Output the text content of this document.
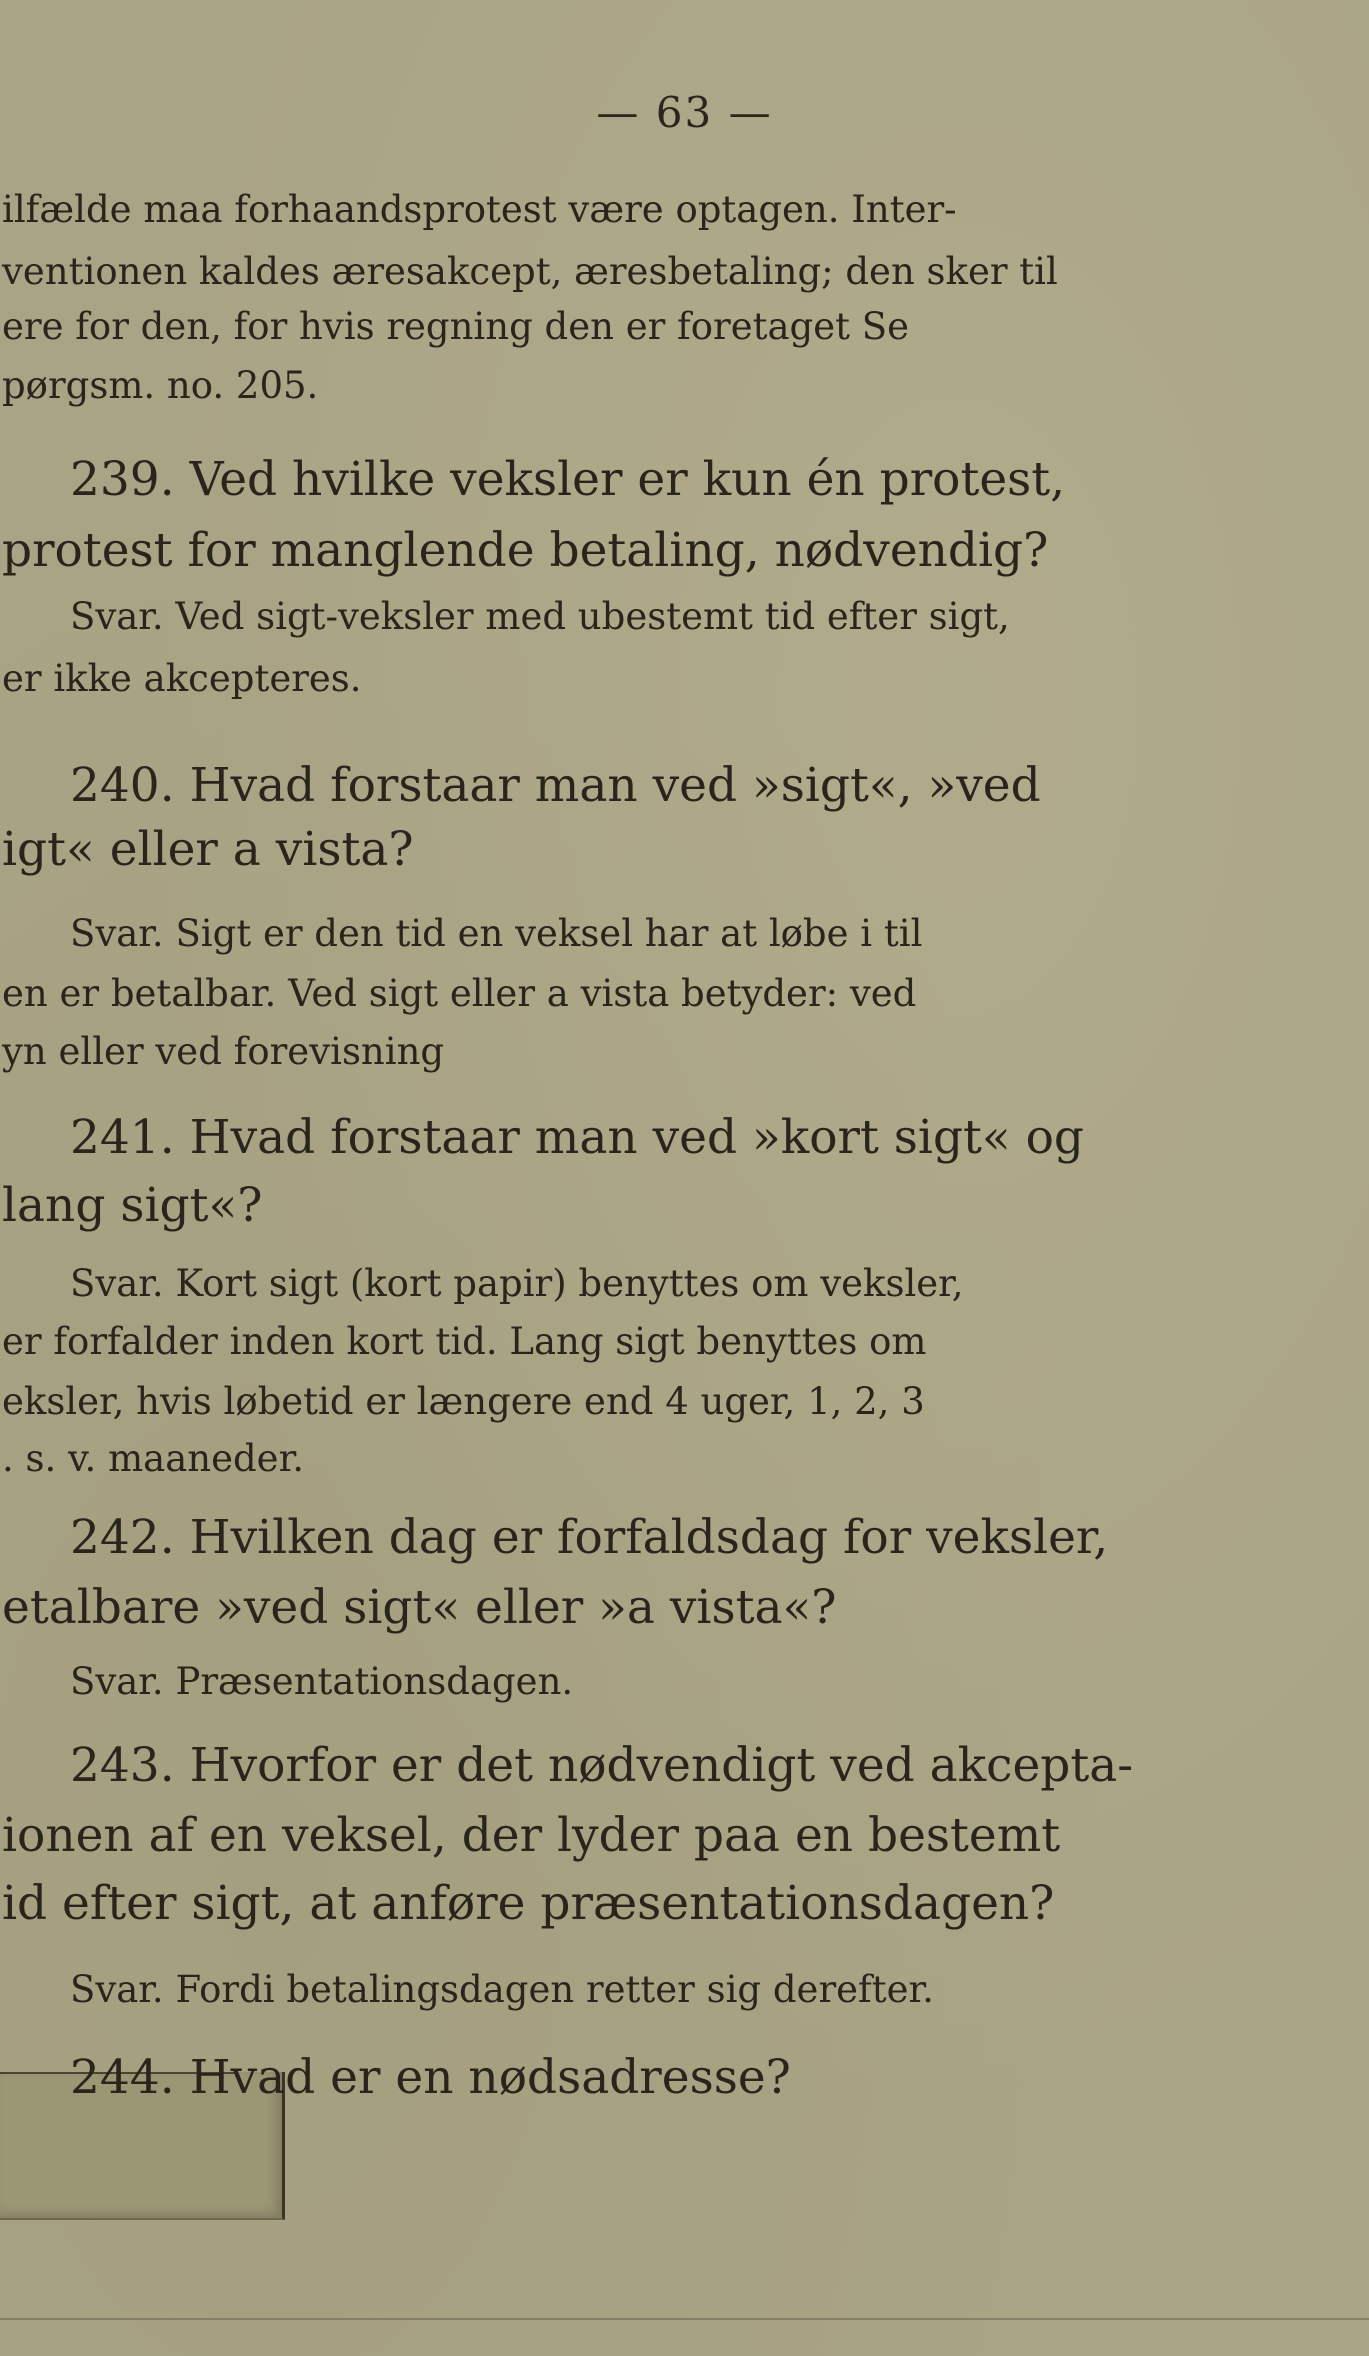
— 63 —
ilfælde maa forhaandsprotest være optagen. Inter-
ventionen kaldes æresakcept, æresbetaling; den sker til
ere for den, for hvis regning den er foretaget Se
pørgsm. no. 205.
239. Ved hvilke veksler er kun én protest,
protest for manglende betaling, nødvendig?
Svar. Ved sigt-veksler med ubestemt tid efter sigt,
er ikke akcepteres.
240. Hvad forstaar man ved »sigt«, »ved
igt« eller a vista?
Svar. Sigt er den tid en veksel har at løbe i til
en er betalbar. Ved sigt eller a vista betyder: ved
yn eller ved forevisning
241. Hvad forstaar man ved »kort sigt« og
lang sigt«?
Svar. Kort sigt (kort papir) benyttes om veksler,
er forfalder inden kort tid. Lang sigt benyttes om
eksler, hvis løbetid er længere end 4 uger, 1, 2, 3
. s. v. maaneder.
242. Hvilken dag er forfaldsdag for veksler,
etalbare »ved sigt« eller »a vista«?
Svar. Præsentationsdagen.
243. Hvorfor er det nødvendigt ved akcepta-
ionen af en veksel, der lyder paa en bestemt
id efter sigt, at anføre præsentationsdagen?
Svar. Fordi betalingsdagen retter sig derefter.
244. Hvad er en nødsadresse?
